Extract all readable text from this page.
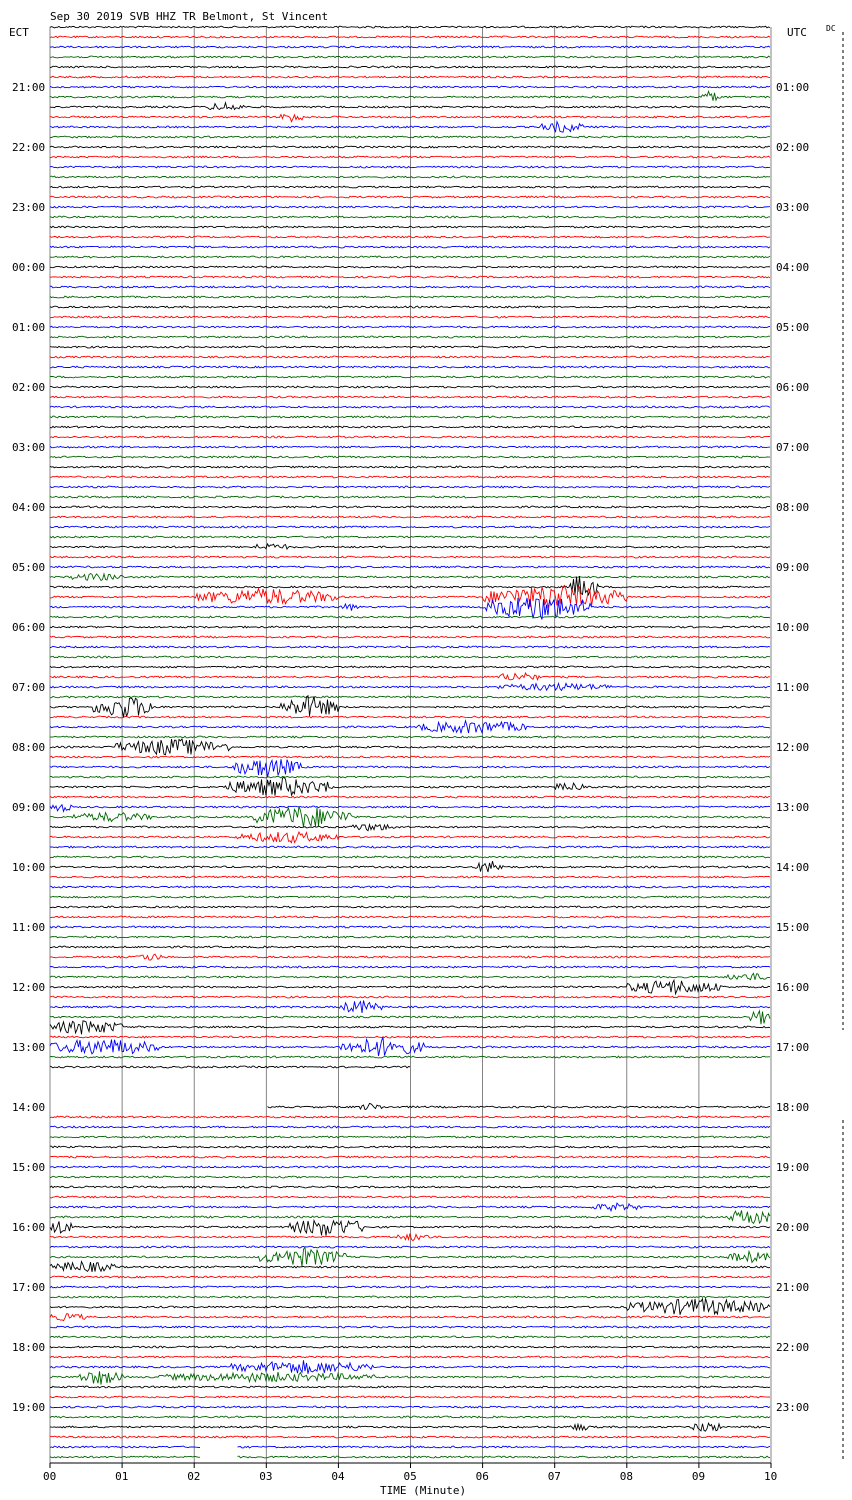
Sep 30 2019 SVB HHZ TR Belmont, St Vincent
ECT	UTC DC
TIME (Minute)
21:00
22:00
23:00
00:00
01:00
02:00
03:00
04:00
05:00
06:00
07:00
08:00
09:00
10:00
11:00
12:00
13:00
14:00
15:00
16:00
17:00
18:00
19:00
01:00
02:00
03:00
04:00
05:00
06:00
07:00
08:00
09:00
10:00
11:00
12:00
13:00
14:00
15:00
16:00
17:00
18:00
19:00
20:00
21:00
22:00
23:00
00	01	02	03	04	05	06	07	08	09	10
